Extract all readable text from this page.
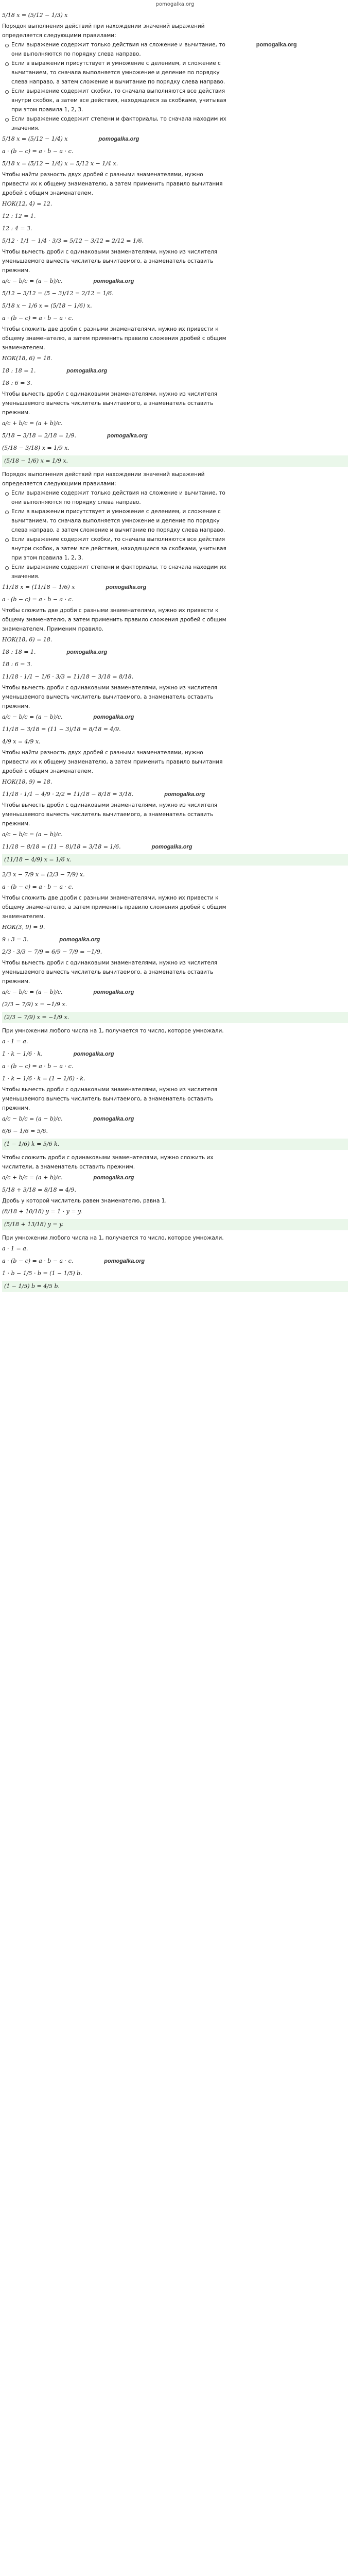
pomogalka.org
5/18 x = (5/12 − 1/3) x
Порядок выполнения действий при нахождении значений выражений
определяется следующими правилами:
Если выражение содержит только действия на сложение и вычитание, то	pomogalka.org
они выполняются по порядку слева направо.
Если в выражении присутствует и умножение с делением, и сложение с
вычитанием, то сначала выполняется умножение и деление по порядку
слева направо, а затем сложение и вычитание по порядку слева направо.
Если выражение содержит скобки, то сначала выполняются все действия
внутри скобок, а затем все действия, находящиеся за скобками, учитывая
при этом правила 1, 2, 3.
Если выражение содержит степени и факториалы, то сначала находим их
значения.
5/18 x = (5/12 − 1/4) x	pomogalka.org
a · (b − c) = a · b − a · c.
5/18 x = (5/12 − 1/4) x = 5/12 x − 1/4 x.
Чтобы найти разность двух дробей с разными знаменателями, нужно
привести их к общему знаменателю, а затем применить правило вычитания
дробей с общим знаменателем.
НОК(12, 4) = 12.
12 : 12 = 1.
12 : 4 = 3.
5/12 · 1/1 − 1/4 · 3/3 = 5/12 − 3/12 = 2/12 = 1/6.
Чтобы вычесть дроби с одинаковыми знаменателями, нужно из числителя
уменьшаемого вычесть числитель вычитаемого, а знаменатель оставить
прежним.
a/c − b/c = (a − b)/c.	pomogalka.org
5/12 − 3/12 = (5 − 3)/12 = 2/12 = 1/6.
5/18 x − 1/6 x = (5/18 − 1/6) x.
a · (b − c) = a · b − a · c.
Чтобы сложить две дроби с разными знаменателями, нужно их привести к
общему знаменателю, а затем применить правило сложения дробей с общим
знаменателем.
НОК(18, 6) = 18.
18 : 18 = 1.	pomogalka.org
18 : 6 = 3.
Чтобы вычесть дроби с одинаковыми знаменателями, нужно из числителя
уменьшаемого вычесть числитель вычитаемого, а знаменатель оставить
прежним.
a/c + b/c = (a + b)/c.
5/18 − 3/18 = 2/18 = 1/9.	pomogalka.org
(5/18 − 3/18) x = 1/9 x.
(5/18 − 1/6) x = 1/9 x.
Порядок выполнения действий при нахождении значений выражений
определяется следующими правилами:
Если выражение содержит только действия на сложение и вычитание, то
они выполняются по порядку слева направо.
Если в выражении присутствует и умножение с делением, и сложение с
вычитанием, то сначала выполняется умножение и деление по порядку
слева направо, а затем сложение и вычитание по порядку слева направо.
Если выражение содержит скобки, то сначала выполняются все действия
внутри скобок, а затем все действия, находящиеся за скобками, учитывая
при этом правила 1, 2, 3.
Если выражение содержит степени и факториалы, то сначала находим их
значения.
11/18 x = (11/18 − 1/6) x	pomogalka.org
a · (b − c) = a · b − a · c.
Чтобы сложить две дроби с разными знаменателями, нужно их привести к
общему знаменателю, а затем применить правило сложения дробей с общим
знаменателем. Применим правило.
НОК(18, 6) = 18.
18 : 18 = 1.	pomogalka.org
18 : 6 = 3.
11/18 · 1/1 − 1/6 · 3/3 = 11/18 − 3/18 = 8/18.
Чтобы вычесть дроби с одинаковыми знаменателями, нужно из числителя
уменьшаемого вычесть числитель вычитаемого, а знаменатель оставить
прежним.
a/c − b/c = (a − b)/c.	pomogalka.org
11/18 − 3/18 = (11 − 3)/18 = 8/18 = 4/9.
4/9 x = 4/9 x.
Чтобы найти разность двух дробей с разными знаменателями, нужно
привести их к общему знаменателю, а затем применить правило вычитания
дробей с общим знаменателем.
НОК(18, 9) = 18.
11/18 · 1/1 − 4/9 · 2/2 = 11/18 − 8/18 = 3/18.	pomogalka.org
Чтобы вычесть дроби с одинаковыми знаменателями, нужно из числителя
уменьшаемого вычесть числитель вычитаемого, а знаменатель оставить
прежним.
a/c − b/c = (a − b)/c.
11/18 − 8/18 = (11 − 8)/18 = 3/18 = 1/6.	pomogalka.org
(11/18 − 4/9) x = 1/6 x.
2/3 x − 7/9 x = (2/3 − 7/9) x.
a · (b − c) = a · b − a · c.
Чтобы сложить две дроби с разными знаменателями, нужно их привести к
общему знаменателю, а затем применить правило сложения дробей с общим
знаменателем.
НОК(3, 9) = 9.
9 : 3 = 3.	pomogalka.org
2/3 · 3/3 − 7/9 = 6/9 − 7/9 = −1/9.
Чтобы вычесть дроби с одинаковыми знаменателями, нужно из числителя
уменьшаемого вычесть числитель вычитаемого, а знаменатель оставить
прежним.
a/c − b/c = (a − b)/c.	pomogalka.org
(2/3 − 7/9) x = −1/9 x.
(2/3 − 7/9) x = −1/9 x.
При умножении любого числа на 1, получается то число, которое умножали.
a · 1 = a.
1 · k − 1/6 · k.	pomogalka.org
a · (b − c) = a · b − a · c.
1 · k − 1/6 · k = (1 − 1/6) · k.
Чтобы вычесть дроби с одинаковыми знаменателями, нужно из числителя
уменьшаемого вычесть числитель вычитаемого, а знаменатель оставить
прежним.
a/c − b/c = (a − b)/c.	pomogalka.org
6/6 − 1/6 = 5/6.
(1 − 1/6) k = 5/6 k.
Чтобы сложить дроби с одинаковыми знаменателями, нужно сложить их
числители, а знаменатель оставить прежним.
a/c + b/c = (a + b)/c.	pomogalka.org
5/18 + 3/18 = 8/18 = 4/9.
Дробь у которой числитель равен знаменателю, равна 1.
(8/18 + 10/18) y = 1 · y = y.
(5/18 + 13/18) y = y.
При умножении любого числа на 1, получается то число, которое умножали.
a · 1 = a.
a · (b − c) = a · b − a · c.	pomogalka.org
1 · b − 1/5 · b = (1 − 1/5) b.
(1 − 1/5) b = 4/5 b.
